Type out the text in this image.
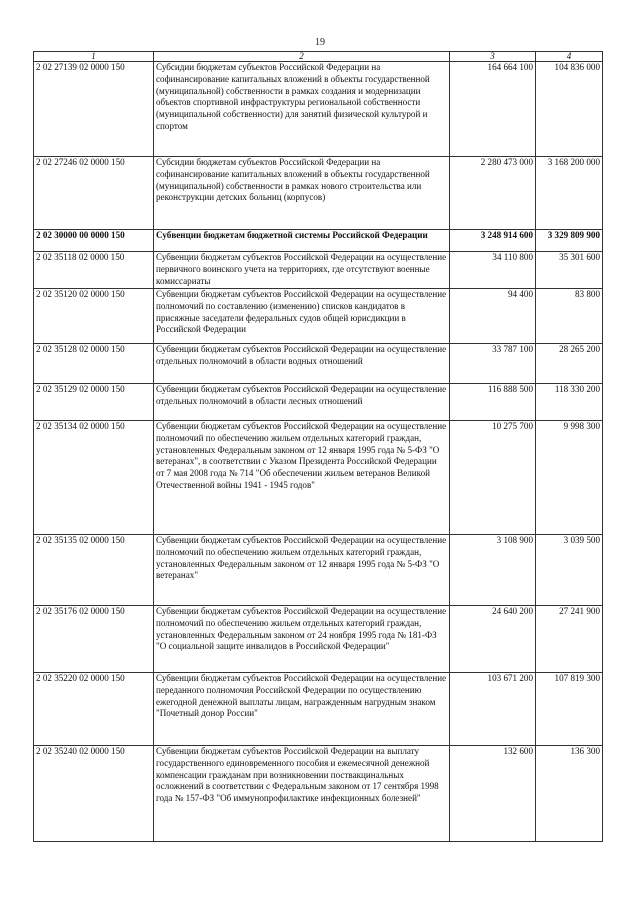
19
1	2	3	4
2 02 27139 02 0000 150	Субсидии бюджетам субъектов Российской Федерации на софинансирование капитальных вложений в объекты государственной (муниципальной) собственности в рамках создания и модернизации объектов спортивной инфраструктуры региональной собственности (муниципальной собственности) для занятий физической культурой и спортом	164 664 100	104 836 000
2 02 27246 02 0000 150	Субсидии бюджетам субъектов Российской Федерации на софинансирование капитальных вложений в объекты государственной (муниципальной) собственности в рамках нового строительства или реконструкции детских больниц (корпусов)	2 280 473 000	3 168 200 000
2 02 30000 00 0000 150	Субвенции бюджетам бюджетной системы Российской Федерации	3 248 914 600	3 329 809 900
2 02 35118 02 0000 150	Субвенции бюджетам субъектов Российской Федерации на осуществление первичного воинского учета на территориях, где отсутствуют военные комиссариаты	34 110 800	35 301 600
2 02 35120 02 0000 150	Субвенции бюджетам субъектов Российской Федерации на осуществление полномочий по составлению (изменению) списков кандидатов в присяжные заседатели федеральных судов общей юрисдикции в Российской Федерации	94 400	83 800
2 02 35128 02 0000 150	Субвенции бюджетам субъектов Российской Федерации на осуществление отдельных полномочий в области водных отношений	33 787 100	28 265 200
2 02 35129 02 0000 150	Субвенции бюджетам субъектов Российской Федерации на осуществление отдельных полномочий в области лесных отношений	116 888 500	118 330 200
2 02 35134 02 0000 150	Субвенции бюджетам субъектов Российской Федерации на осуществление полномочий по обеспечению жильем отдельных категорий граждан, установленных Федеральным законом от 12 января 1995 года № 5-ФЗ "О ветеранах", в соответствии с Указом Президента Российской Федерации от 7 мая 2008 года № 714 "Об обеспечении жильем ветеранов Великой Отечественной войны 1941 - 1945 годов"	10 275 700	9 998 300
2 02 35135 02 0000 150	Субвенции бюджетам субъектов Российской Федерации на осуществление полномочий по обеспечению жильем отдельных категорий граждан, установленных Федеральным законом от 12 января 1995 года № 5-ФЗ "О ветеранах"	3 108 900	3 039 500
2 02 35176 02 0000 150	Субвенции бюджетам субъектов Российской Федерации на осуществление полномочий по обеспечению жильем отдельных категорий граждан, установленных Федеральным законом от 24 ноября 1995 года № 181-ФЗ "О социальной защите инвалидов в Российской Федерации"	24 640 200	27 241 900
2 02 35220 02 0000 150	Субвенции бюджетам субъектов Российской Федерации на осуществление переданного полномочия Российской Федерации по осуществлению ежегодной денежной выплаты лицам, награжденным нагрудным знаком "Почетный донор России"	103 671 200	107 819 300
2 02 35240 02 0000 150	Субвенции бюджетам субъектов Российской Федерации на выплату государственного единовременного пособия и ежемесячной денежной компенсации гражданам при возникновении поствакцинальных осложнений в соответствии с Федеральным законом от 17 сентября 1998 года № 157-ФЗ "Об иммунопрофилактике инфекционных болезней"	132 600	136 300
